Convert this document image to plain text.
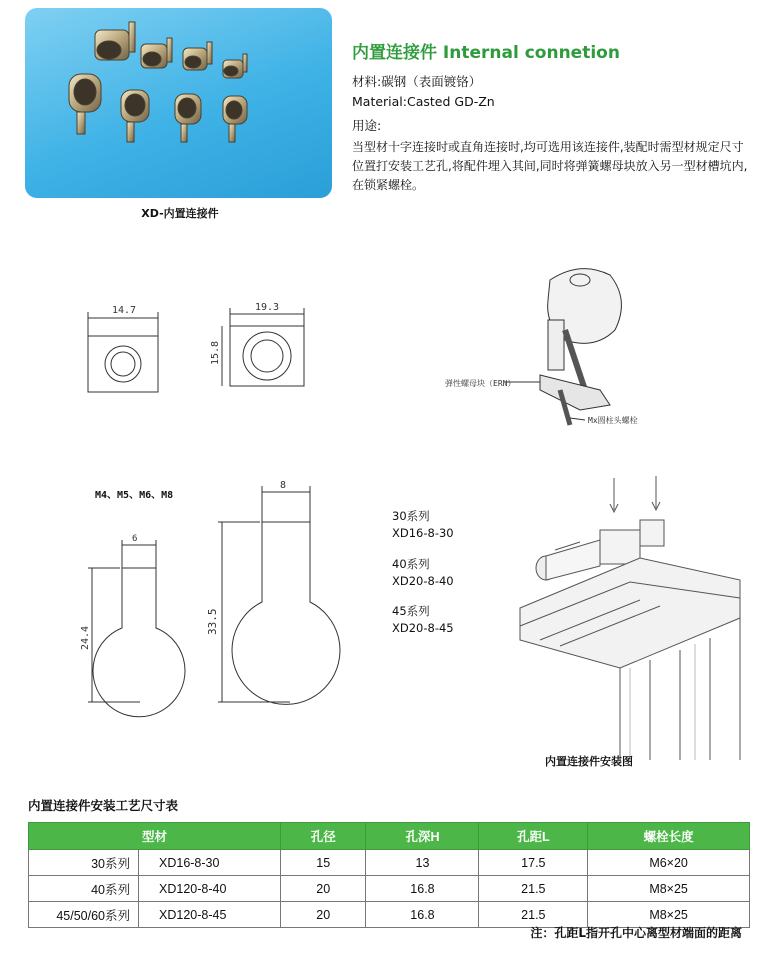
XD-内置连接件
内置连接件 Internal connetion
材料:碳钢（表面镀铬）
Material:Casted GD-Zn
用途:
当型材十字连接时或直角连接时,均可选用该连接件,装配时需型材规定尺寸位置打安装工艺孔,将配件埋入其间,同时将弹簧螺母块放入另一型材槽坑内,在锁紧螺栓。
14.7	19.3
15.8
弹性螺母块（ERN）
Mx圆柱头螺栓
M4、M5、M6、M8
6
24.4
8
33.5
30系列
XD16-8-30
40系列
XD20-8-40
45系列
XD20-8-45
内置连接件安装图
内置连接件安装工艺尺寸表
型材		孔径	孔深H	孔距L	螺栓长度
30系列	XD16-8-30	15	13	17.5	M6×20
40系列	XD120-8-40	20	16.8	21.5	M8×25
45/50/60系列	XD120-8-45	20	16.8	21.5	M8×25
注：孔距L指开孔中心离型材端面的距离
